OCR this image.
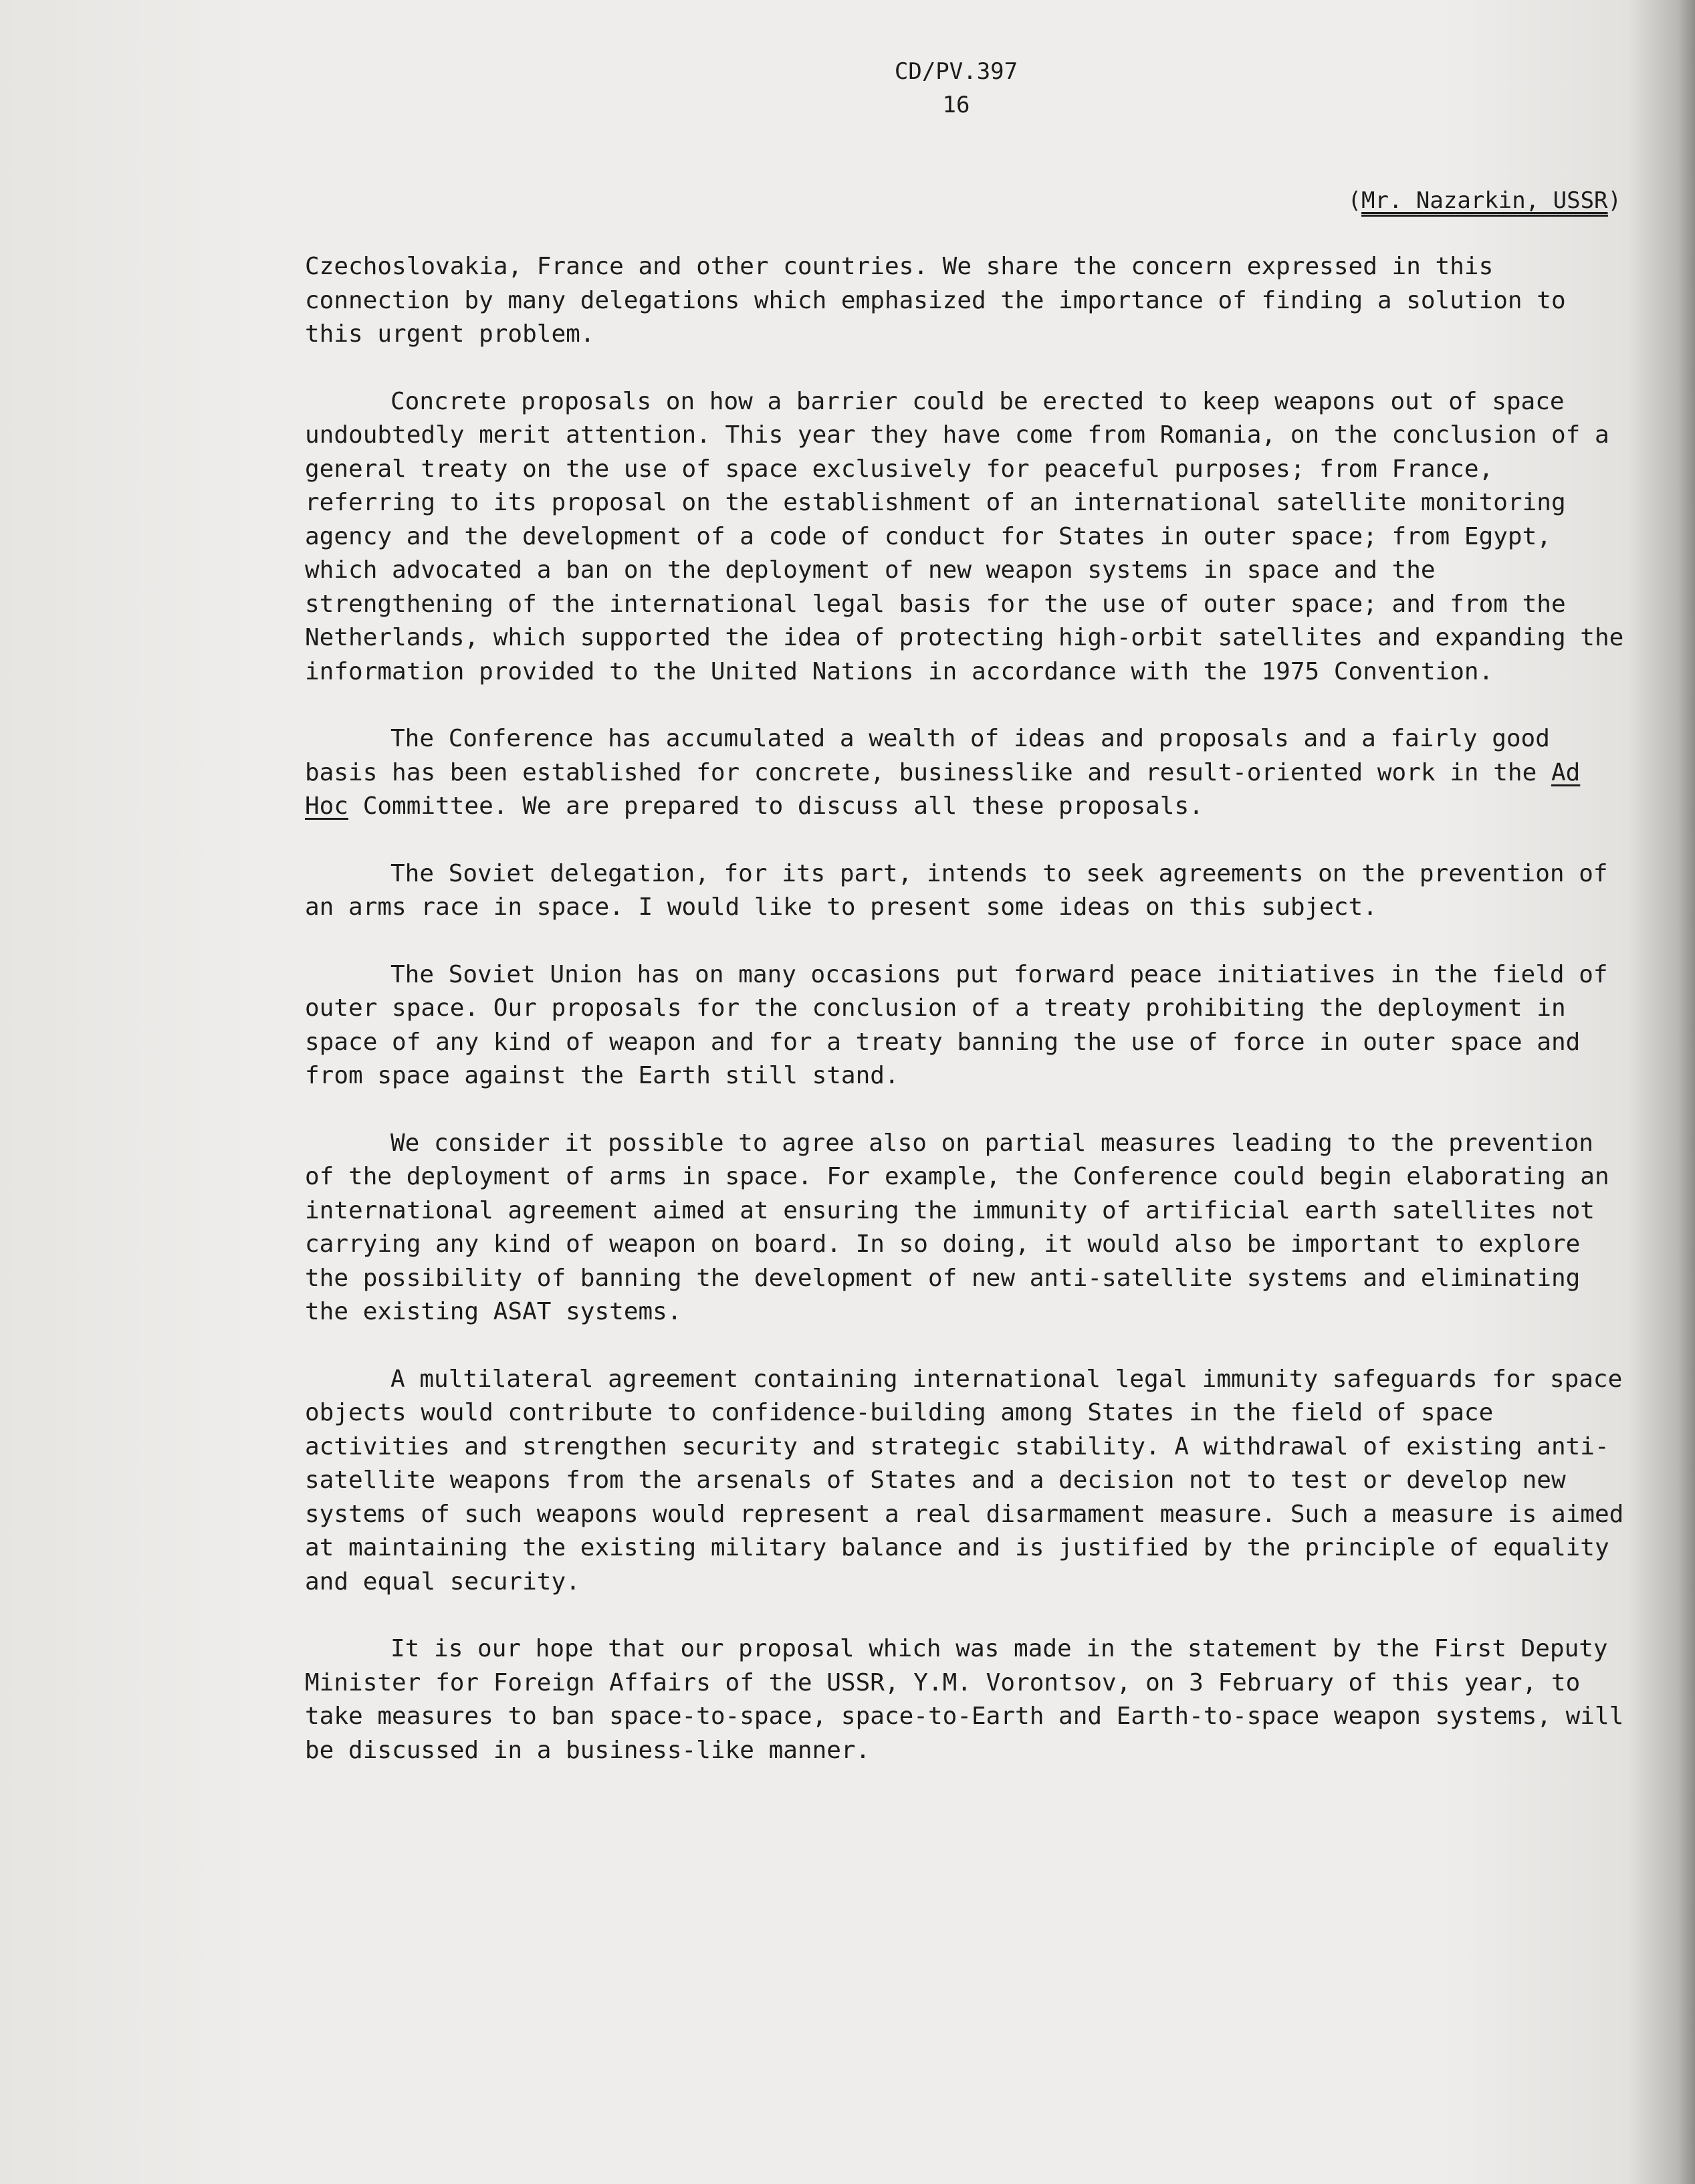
CD/PV.397
16
(Mr. Nazarkin, USSR)

Czechoslovakia, France and other countries. We share the concern expressed in this connection by many delegations which emphasized the importance of finding a solution to this urgent problem.

Concrete proposals on how a barrier could be erected to keep weapons out of space undoubtedly merit attention. This year they have come from Romania, on the conclusion of a general treaty on the use of space exclusively for peaceful purposes; from France, referring to its proposal on the establishment of an international satellite monitoring agency and the development of a code of conduct for States in outer space; from Egypt, which advocated a ban on the deployment of new weapon systems in space and the strengthening of the international legal basis for the use of outer space; and from the Netherlands, which supported the idea of protecting high-orbit satellites and expanding the information provided to the United Nations in accordance with the 1975 Convention.

The Conference has accumulated a wealth of ideas and proposals and a fairly good basis has been established for concrete, businesslike and result-oriented work in the Ad Hoc Committee. We are prepared to discuss all these proposals.

The Soviet delegation, for its part, intends to seek agreements on the prevention of an arms race in space. I would like to present some ideas on this subject.

The Soviet Union has on many occasions put forward peace initiatives in the field of outer space. Our proposals for the conclusion of a treaty prohibiting the deployment in space of any kind of weapon and for a treaty banning the use of force in outer space and from space against the Earth still stand.

We consider it possible to agree also on partial measures leading to the prevention of the deployment of arms in space. For example, the Conference could begin elaborating an international agreement aimed at ensuring the immunity of artificial earth satellites not carrying any kind of weapon on board. In so doing, it would also be important to explore the possibility of banning the development of new anti-satellite systems and eliminating the existing ASAT systems.

A multilateral agreement containing international legal immunity safeguards for space objects would contribute to confidence-building among States in the field of space activities and strengthen security and strategic stability. A withdrawal of existing anti-satellite weapons from the arsenals of States and a decision not to test or develop new systems of such weapons would represent a real disarmament measure. Such a measure is aimed at maintaining the existing military balance and is justified by the principle of equality and equal security.

It is our hope that our proposal which was made in the statement by the First Deputy Minister for Foreign Affairs of the USSR, Y.M. Vorontsov, on 3 February of this year, to take measures to ban space-to-space, space-to-Earth and Earth-to-space weapon systems, will be discussed in a business-like manner.
